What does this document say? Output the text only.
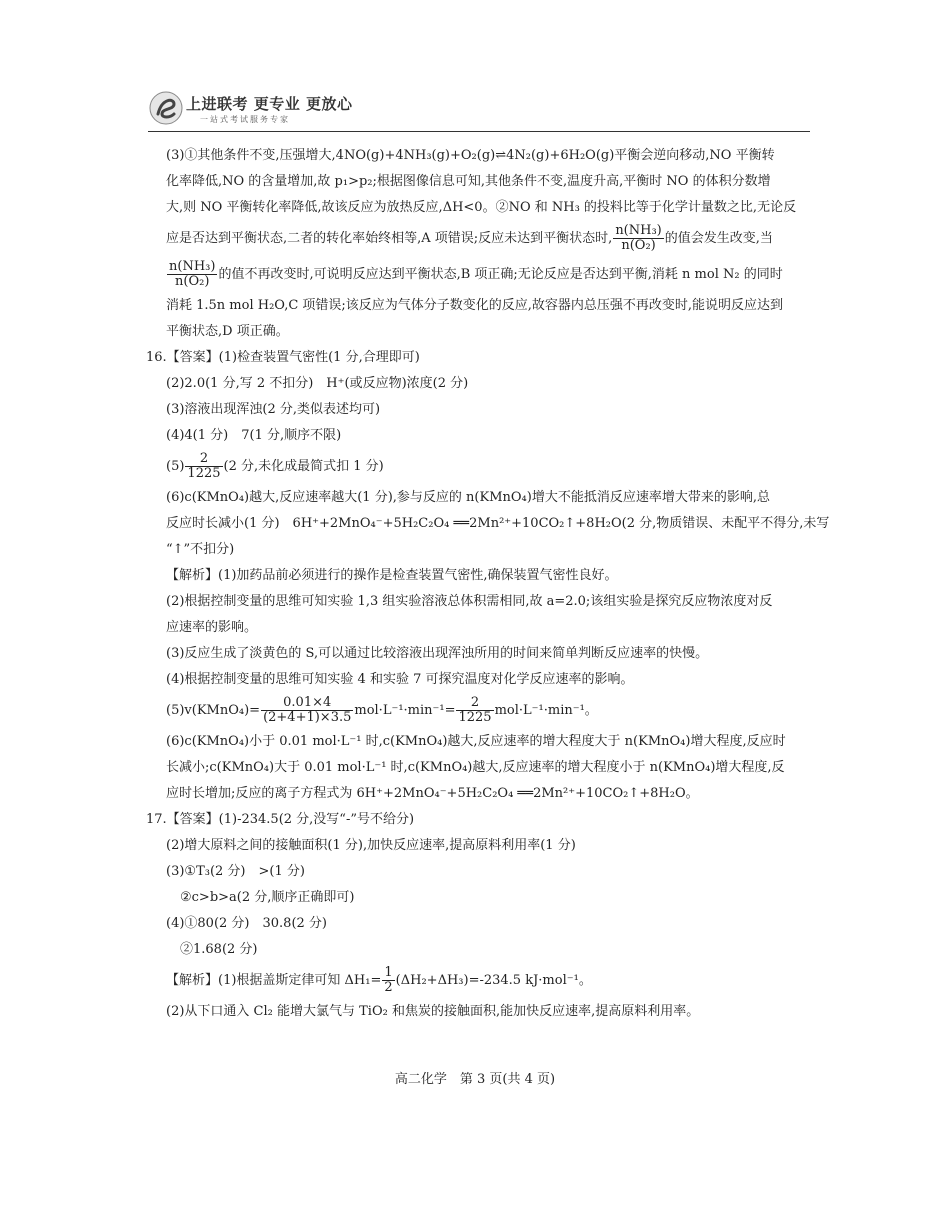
上进联考 更专业 更放心
一站式考试服务专家
(3)①其他条件不变,压强增大,4NO(g)+4NH₃(g)+O₂(g)⇌4N₂(g)+6H₂O(g)平衡会逆向移动,NO 平衡转
化率降低,NO 的含量增加,故 p₁>p₂;根据图像信息可知,其他条件不变,温度升高,平衡时 NO 的体积分数增
大,则 NO 平衡转化率降低,故该反应为放热反应,ΔH<0。②NO 和 NH₃ 的投料比等于化学计量数之比,无论反
应是否达到平衡状态,二者的转化率始终相等,A 项错误;反应未达到平衡状态时, $\frac{\text{n(NH₃)}}{\text{n(O₂)}}$ 的值会发生改变,当
$\frac{\text{n(NH₃)}}{\text{n(O₂)}}$ 的值不再改变时,可说明反应达到平衡状态,B 项正确;无论反应是否达到平衡,消耗 n mol N₂ 的同时
消耗 1.5n mol H₂O,C 项错误;该反应为气体分子数变化的反应,故容器内总压强不再改变时,能说明反应达到
平衡状态,D 项正确。
16.【答案】(1)检查装置气密性(1 分,合理即可)
(2)2.0(1 分,写 2 不扣分)　H⁺(或反应物)浓度(2 分)
(3)溶液出现浑浊(2 分,类似表述均可)
(4)4(1 分)　7(1 分,顺序不限)
$(5) \frac{2}{1225} (2$ 分,未化成最简式扣 1 分)
(6)c(KMnO₄)越大,反应速率越大(1 分),参与反应的 n(KMnO₄)增大不能抵消反应速率增大带来的影响,总
反应时长减小(1 分)　6H⁺+2MnO₄⁻+5H₂C₂O₄ ══2Mn²⁺+10CO₂↑+8H₂O(2 分,物质错误、未配平不得分,未写
“↑”不扣分)
【解析】(1)加药品前必须进行的操作是检查装置气密性,确保装置气密性良好。
(2)根据控制变量的思维可知实验 1,3 组实验溶液总体积需相同,故 a=2.0;该组实验是探究反应物浓度对反
应速率的影响。
(3)反应生成了淡黄色的 S,可以通过比较溶液出现浑浊所用的时间来简单判断反应速率的快慢。
(4)根据控制变量的思维可知实验 4 和实验 7 可探究温度对化学反应速率的影响。
(5)v(KMnO₄)= $\frac{0.01\times 4}{(2+4+1)\times 3.5} mol\cdot L^{-1}\cdot\min^{-1}= \frac{2}{1225} mol\cdot L^{-1}\cdot\min^{-1}$。
(6)c(KMnO₄)小于 0.01 mol·L⁻¹ 时,c(KMnO₄)越大,反应速率的增大程度大于 n(KMnO₄)增大程度,反应时
长减小;c(KMnO₄)大于 0.01 mol·L⁻¹ 时,c(KMnO₄)越大,反应速率的增大程度小于 n(KMnO₄)增大程度,反
应时长增加;反应的离子方程式为 6H⁺+2MnO₄⁻+5H₂C₂O₄ ══2Mn²⁺+10CO₂↑+8H₂O。
17.【答案】(1)-234.5(2 分,没写“-”号不给分)
(2)增大原料之间的接触面积(1 分),加快反应速率,提高原料利用率(1 分)
(3)①T₃(2 分)　>(1 分)
②c>b>a(2 分,顺序正确即可)
(4)①80(2 分)　30.8(2 分)
②1.68(2 分)
【解析】(1)根据盖斯定律可知 $\Delta H_1= \frac{1}{2} (\Delta H_2+\Delta H_3)=-234.5$ kJ·mol⁻¹。
(2)从下口通入 Cl₂ 能增大氯气与 TiO₂ 和焦炭的接触面积,能加快反应速率,提高原料利用率。
高二化学　第 3 页(共 4 页)
